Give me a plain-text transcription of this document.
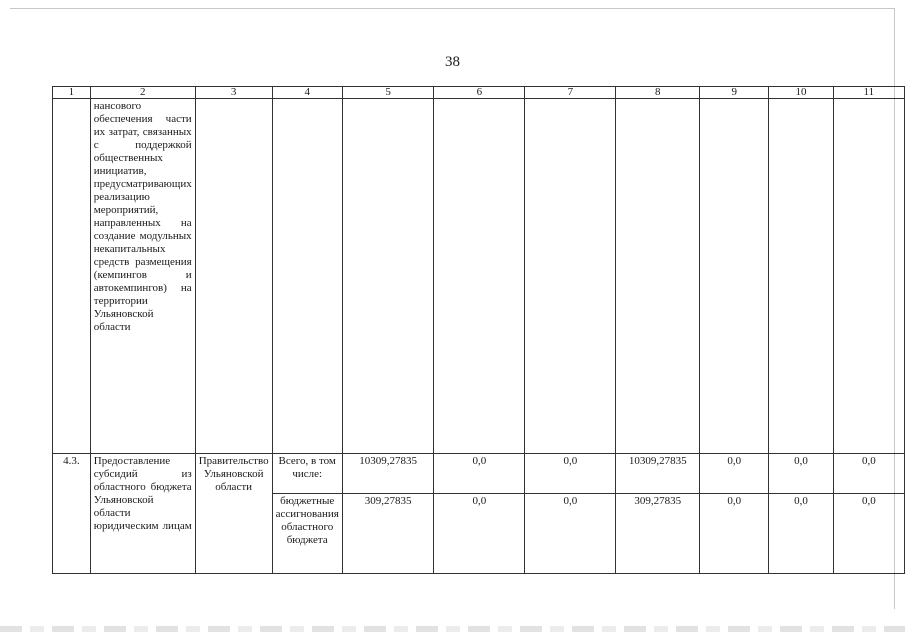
38
1	2	3	4	5	6	7	8	9	10	11
	нансового обеспечения части их затрат, связанных с поддержкой общественных инициатив, предусматривающих реализацию мероприятий, направленных на создание модульных некапитальных средств размещения (кемпингов и автокемпингов) на территории Ульяновской области									
4.3.	Предоставление субсидий из областного бюджета Ульяновской области юридическим лицам	Правительство Ульяновской области	Всего, в том числе:	10309,27835	0,0	0,0	10309,27835	0,0	0,0	0,0
			бюджетные ассигнования областного бюджета	309,27835	0,0	0,0	309,27835	0,0	0,0	0,0
